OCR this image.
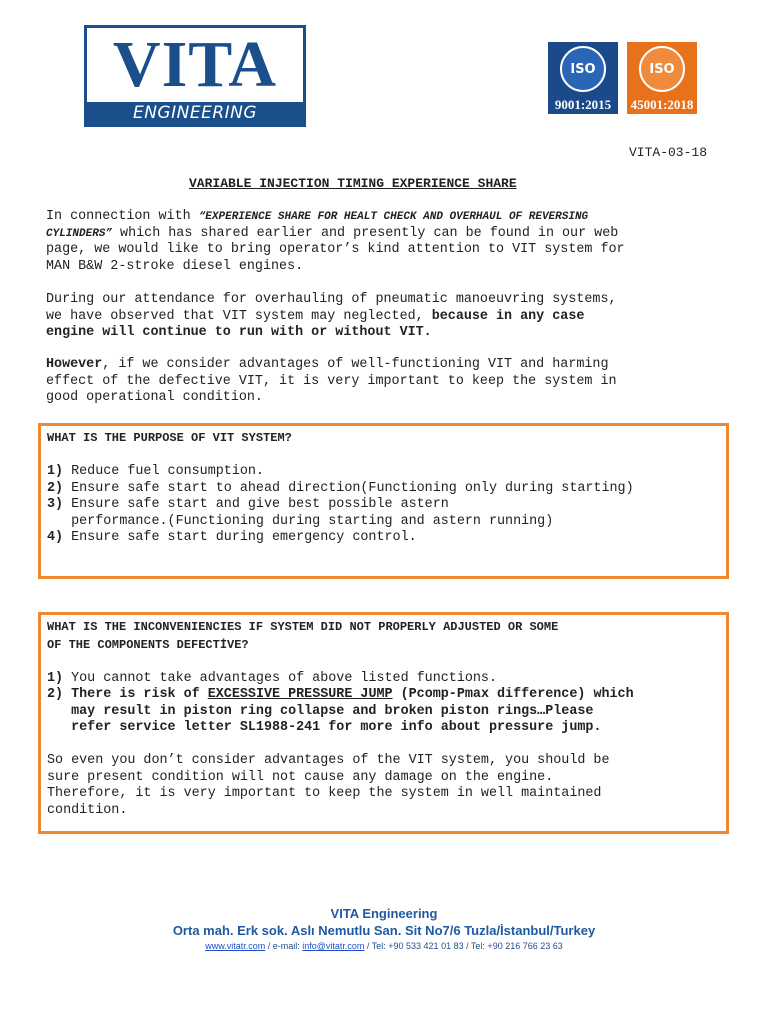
VITA
ENGINEERING
ISO
9001:2015
ISO
45001:2018
VITA-03-18
VARIABLE INJECTION TIMING EXPERIENCE SHARE
In connection with “EXPERIENCE SHARE FOR HEALT CHECK AND OVERHAUL OF REVERSING
CYLINDERS” which has shared earlier and presently can be found in our web
page, we would like to bring operator’s kind attention to VIT system for
MAN B&W 2-stroke diesel engines.
During our attendance for overhauling of pneumatic manoeuvring systems,
we have observed that VIT system may neglected, because in any case
engine will continue to run with or without VIT.
However, if we consider advantages of well-functioning VIT and harming
effect of the defective VIT, it is very important to keep the system in
good operational condition.
WHAT IS THE PURPOSE OF VIT SYSTEM?

1) Reduce fuel consumption.
2) Ensure safe start to ahead direction(Functioning only during starting)
3) Ensure safe start and give best possible astern
performance.(Functioning during starting and astern running)
4) Ensure safe start during emergency control.
WHAT IS THE INCONVENIENCIES IF SYSTEM DID NOT PROPERLY ADJUSTED OR SOME
OF THE COMPONENTS DEFECTİVE?

1) You cannot take advantages of above listed functions.
2) There is risk of EXCESSIVE PRESSURE JUMP (Pcomp-Pmax difference) which
may result in piston ring collapse and broken piston rings…Please
refer service letter SL1988-241 for more info about pressure jump.

So even you don’t consider advantages of the VIT system, you should be
sure present condition will not cause any damage on the engine.
Therefore, it is very important to keep the system in well maintained
condition.
VITA Engineering
Orta mah. Erk sok. Aslı Nemutlu San. Sit No7/6 Tuzla/İstanbul/Turkey
www.vitatr.com / e-mail: info@vitatr.com / Tel: +90 533 421 01 83 / Tel: +90 216 766 23 63
